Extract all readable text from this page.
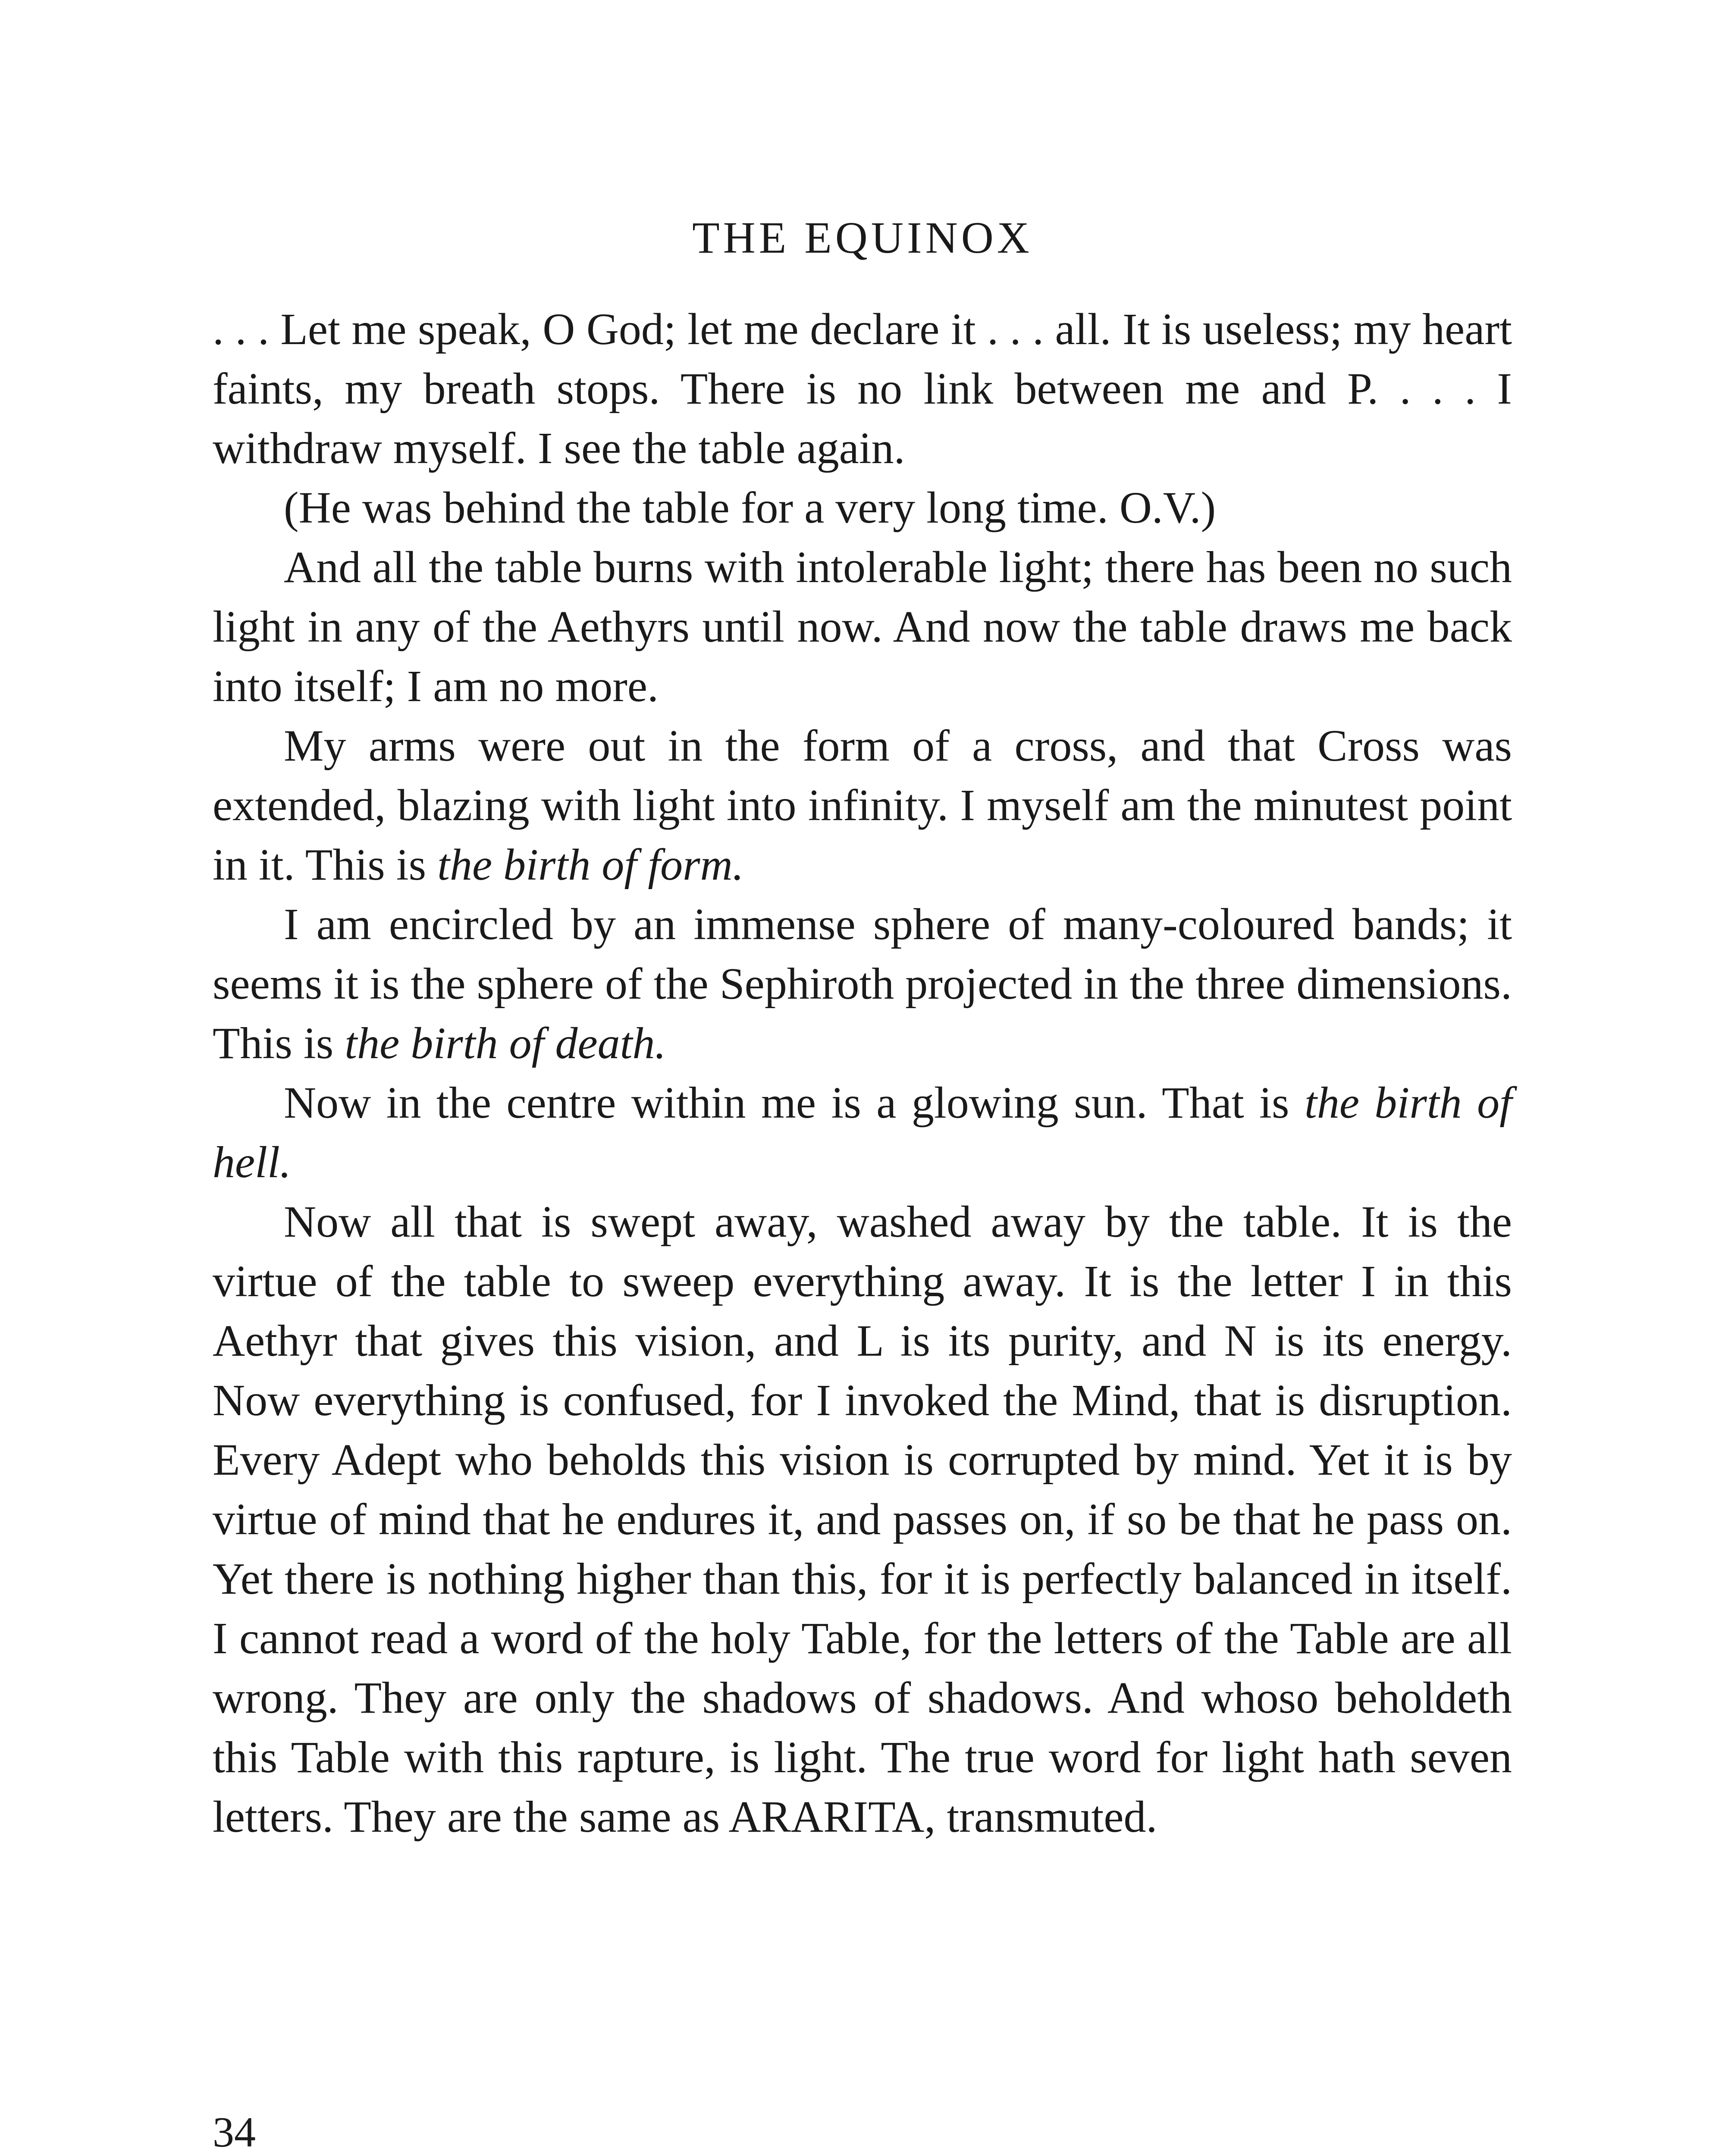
THE EQUINOX

. . . Let me speak, O God; let me declare it . . . all. It is useless; my heart faints, my breath stops. There is no link between me and P. . . . I withdraw myself. I see the table again.

(He was behind the table for a very long time. O.V.)

And all the table burns with intolerable light; there has been no such light in any of the Aethyrs until now. And now the table draws me back into itself; I am no more.

My arms were out in the form of a cross, and that Cross was extended, blazing with light into infinity. I myself am the minutest point in it. This is the birth of form.

I am encircled by an immense sphere of many-coloured bands; it seems it is the sphere of the Sephiroth projected in the three dimensions. This is the birth of death.

Now in the centre within me is a glowing sun. That is the birth of hell.

Now all that is swept away, washed away by the table. It is the virtue of the table to sweep everything away. It is the letter I in this Aethyr that gives this vision, and L is its purity, and N is its energy. Now everything is confused, for I invoked the Mind, that is disruption. Every Adept who beholds this vision is corrupted by mind. Yet it is by virtue of mind that he endures it, and passes on, if so be that he pass on. Yet there is nothing higher than this, for it is perfectly balanced in itself. I cannot read a word of the holy Table, for the letters of the Table are all wrong. They are only the shadows of shadows. And whoso beholdeth this Table with this rapture, is light. The true word for light hath seven letters. They are the same as ARARITA, transmuted.

34
